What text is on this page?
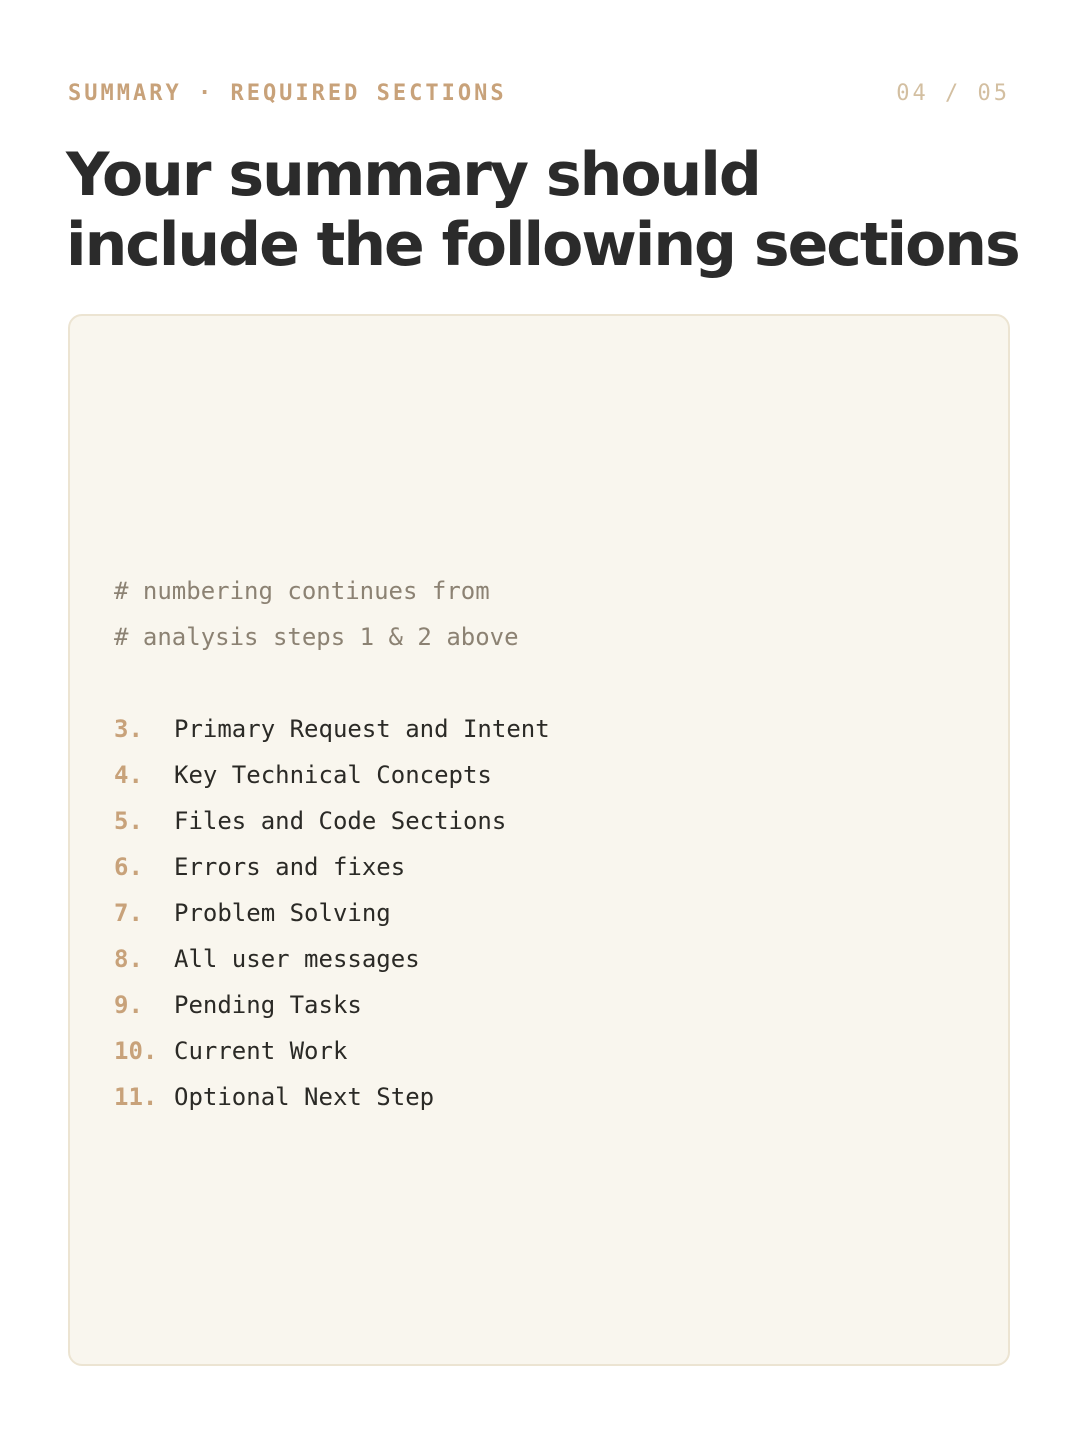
SUMMARY · REQUIRED SECTIONS	04 / 05
Your summary should
include the following sections
# numbering continues from
# analysis steps 1 & 2 above
3.	Primary Request and Intent
4.	Key Technical Concepts
5.	Files and Code Sections
6.	Errors and fixes
7.	Problem Solving
8.	All user messages
9.	Pending Tasks
10. Current Work
11. Optional Next Step
